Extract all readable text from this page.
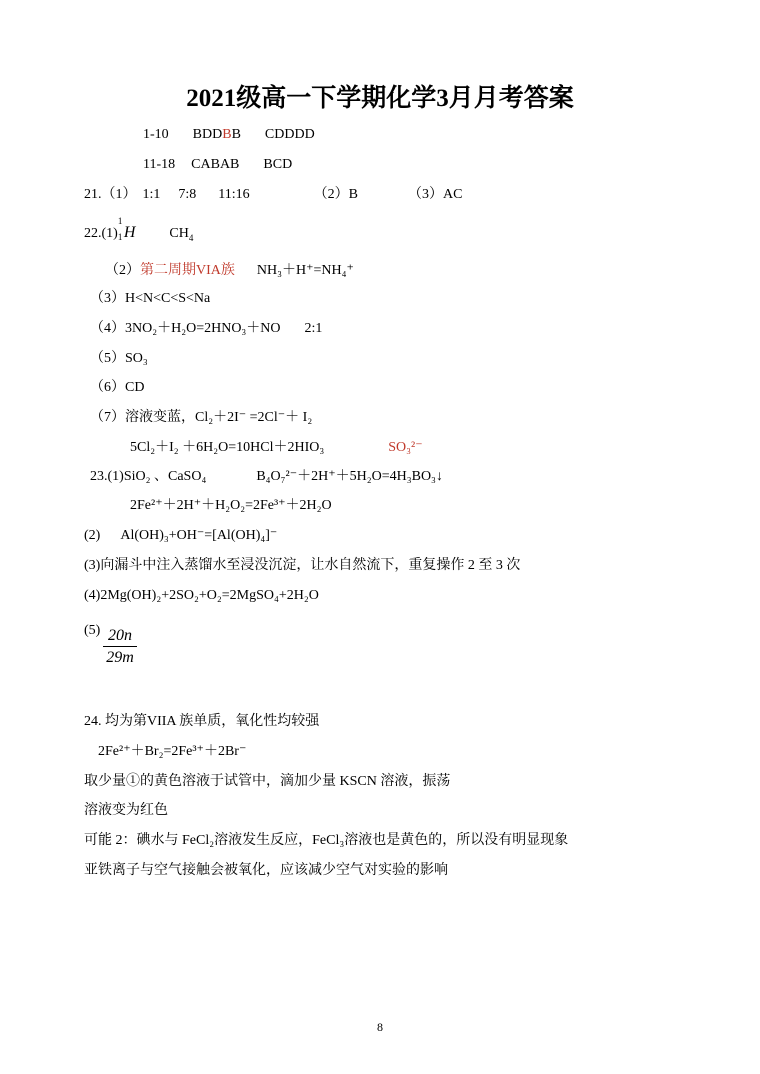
2021级高一下学期化学3月月考答案
1-10 BDDBB CDDDD
11-18 CABAB BCD
21.（1） 1:1 7:8 11:16	（2）B	（3）AC
22.(1)
1
1 H $CH_4$
（2）第二周期VIA族 NH₃＋H⁺=NH₄⁺
（3）H<N<C<S<Na
（4）3NO₂＋H₂O=2HNO₃＋NO 2:1
（5）SO₃
（6）CD
（7）溶液变蓝，Cl₂＋2I⁻ =2Cl⁻＋ I₂
5Cl₂＋I₂ ＋6H₂O=10HCl＋2HIO₃	SO₃²⁻
23.(1)SiO₂ 、CaSO₄	B₄O₇²⁻＋2H⁺＋5H₂O=4H₃BO₃↓
2Fe²⁺＋2H⁺＋H₂O₂=2Fe³⁺＋2H₂O
(2) Al(OH)₃+OH⁻=[Al(OH)₄]⁻
(3)向漏斗中注入蒸馏水至浸没沉淀，让水自然流下，重复操作 2 至 3 次
(4)2Mg(OH)₂+2SO₂+O₂=2MgSO₄+2H₂O
$(5) \frac{20n}{29m}$
24. 均为第VIIA 族单质，氧化性均较强
2Fe²⁺＋Br₂=2Fe³⁺＋2Br⁻
取少量①的黄色溶液于试管中，滴加少量 KSCN 溶液，振荡
溶液变为红色
可能 2：碘水与 FeCl₂溶液发生反应，FeCl₃溶液也是黄色的，所以没有明显现象
亚铁离子与空气接触会被氧化，应该减少空气对实验的影响
8
